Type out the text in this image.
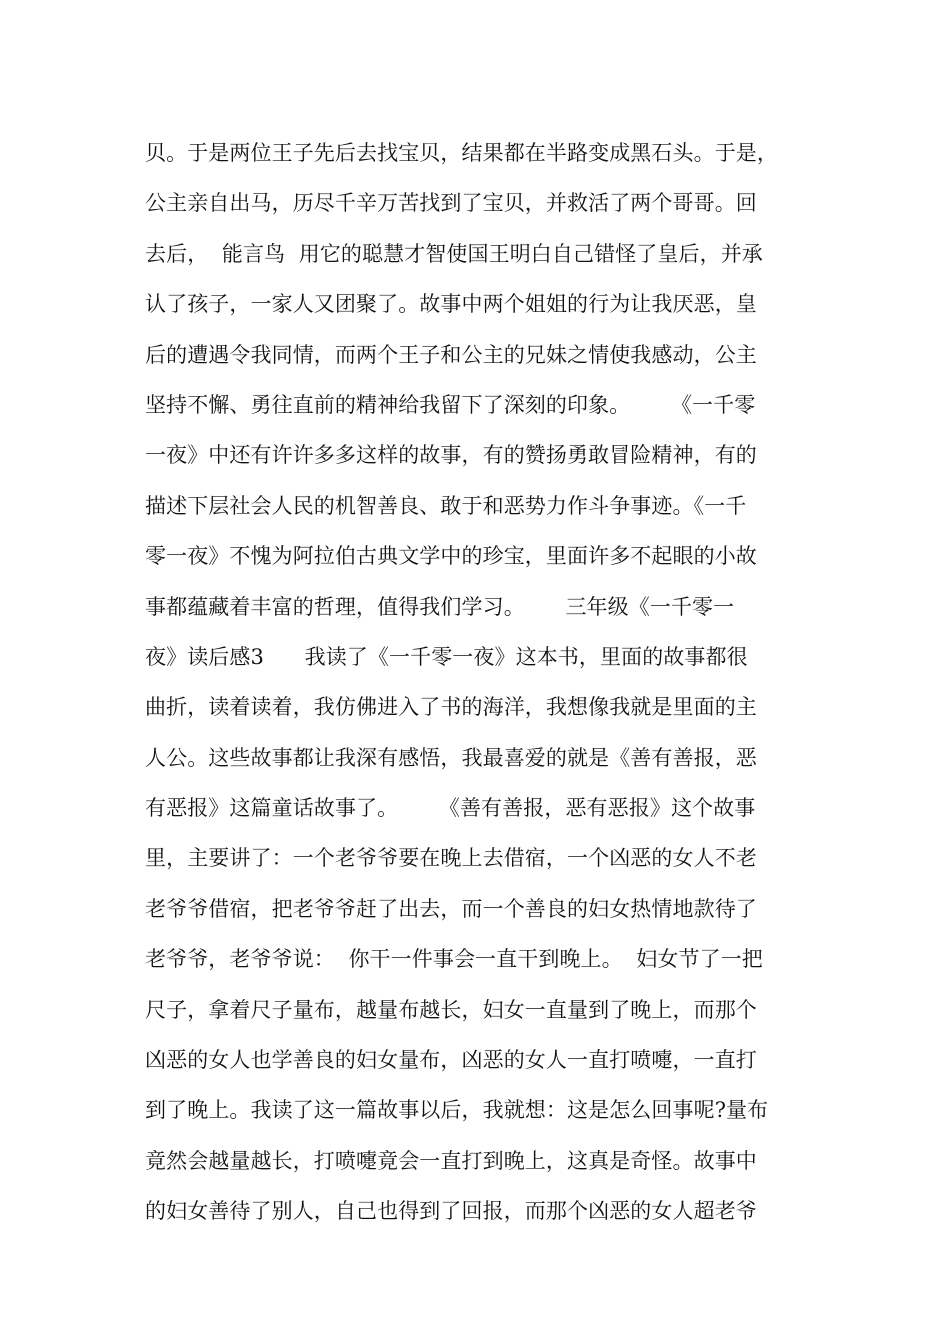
贝。于是两位王子先后去找宝贝，结果都在半路变成黑石头。于是，
公主亲自出马，历尽千辛万苦找到了宝贝，并救活了两个哥哥。回
去后，  能言鸟  用它的聪慧才智使国王明白自己错怪了皇后，并承
认了孩子，一家人又团聚了。故事中两个姐姐的行为让我厌恶，皇
后的遭遇令我同情，而两个王子和公主的兄妹之情使我感动，公主
坚持不懈、勇往直前的精神给我留下了深刻的印象。      《一千零
一夜》中还有许许多多这样的故事，有的赞扬勇敢冒险精神，有的
描述下层社会人民的机智善良、敢于和恶势力作斗争事迹。《一千
零一夜》不愧为阿拉伯古典文学中的珍宝，里面许多不起眼的小故
事都蕴藏着丰富的哲理，值得我们学习。      三年级《一千零一
夜》读后感3      我读了《一千零一夜》这本书，里面的故事都很
曲折，读着读着，我仿佛进入了书的海洋，我想像我就是里面的主
人公。这些故事都让我深有感悟，我最喜爱的就是《善有善报，恶
有恶报》这篇童话故事了。      《善有善报，恶有恶报》这个故事
里，主要讲了：一个老爷爷要在晚上去借宿，一个凶恶的女人不老
老爷爷借宿，把老爷爷赶了出去，而一个善良的妇女热情地款待了
老爷爷，老爷爷说：  你干一件事会一直干到晚上。  妇女节了一把
尺子，拿着尺子量布，越量布越长，妇女一直量到了晚上，而那个
凶恶的女人也学善良的妇女量布，凶恶的女人一直打喷嚏，一直打
到了晚上。我读了这一篇故事以后，我就想：这是怎么回事呢?量布
竟然会越量越长，打喷嚏竟会一直打到晚上，这真是奇怪。故事中
的妇女善待了别人，自己也得到了回报，而那个凶恶的女人超老爷
